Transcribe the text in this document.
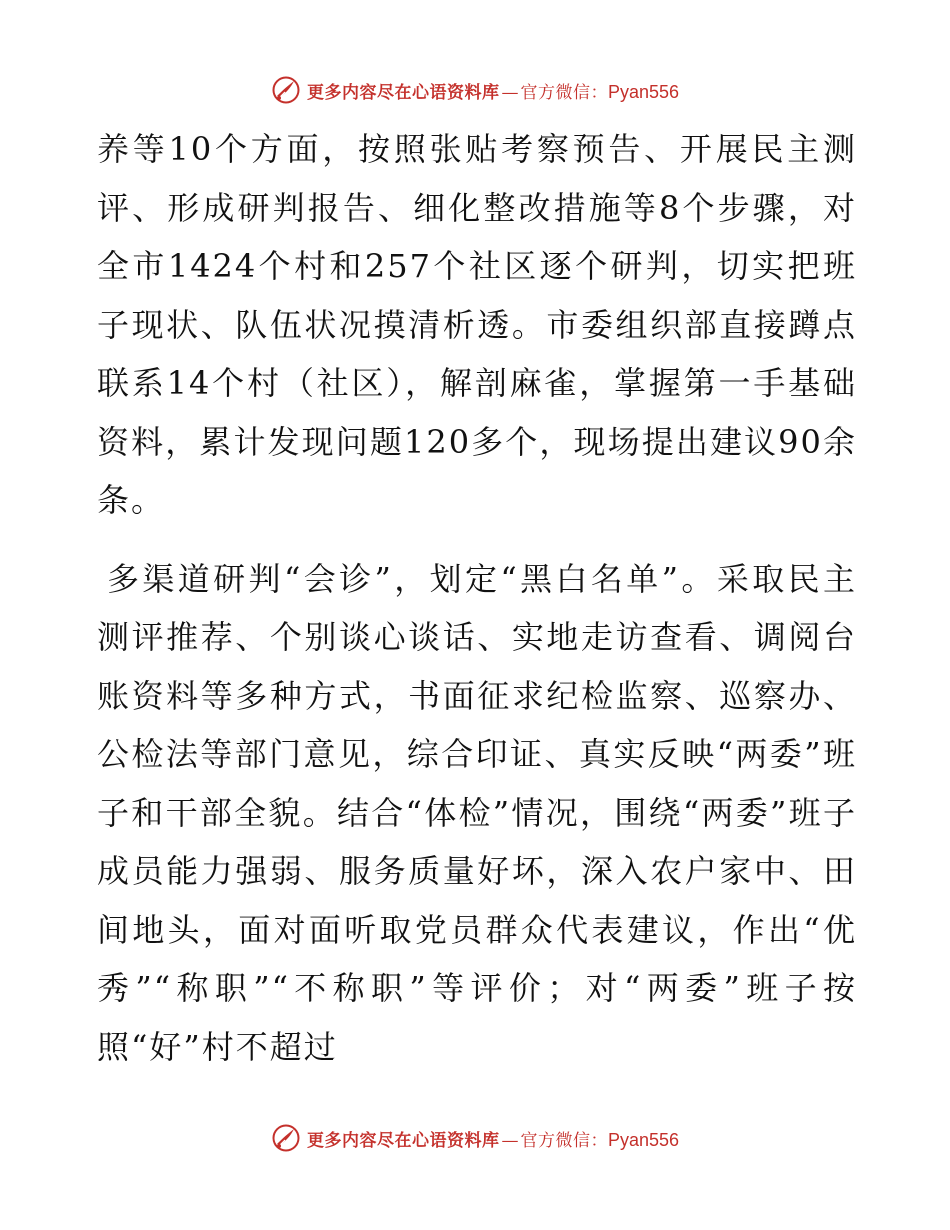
更多内容尽在心语资料库 — 官方微信： Pyan556

养等10个方面，按照张贴考察预告、开展民主测评、形成研判报告、细化整改措施等8个步骤，对全市1424个村和257个社区逐个研判，切实把班子现状、队伍状况摸清析透。市委组织部直接蹲点联系14个村（社区），解剖麻雀，掌握第一手基础资料，累计发现问题120多个，现场提出建议90余条。

多渠道研判“会诊”，划定“黑白名单”。采取民主测评推荐、个别谈心谈话、实地走访查看、调阅台账资料等多种方式，书面征求纪检监察、巡察办、公检法等部门意见，综合印证、真实反映“两委”班子和干部全貌。结合“体检”情况，围绕“两委”班子成员能力强弱、服务质量好坏，深入农户家中、田间地头，面对面听取党员群众代表建议，作出“优秀”“称职”“不称职”等评价；对“两委”班子按照“好”村不超过

更多内容尽在心语资料库 — 官方微信： Pyan556
